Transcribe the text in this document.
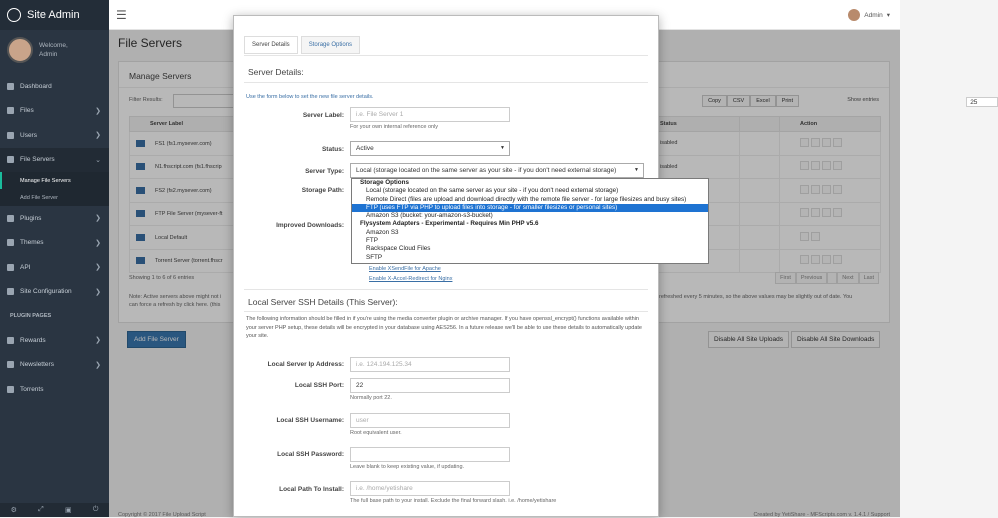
Site Admin
Welcome,
Admin
Dashboard
Files	❯
Users	❯
File Servers	⌄
Manage File Servers
Add File Server
Plugins	❯
Themes	❯
API	❯
Site Configuration	❯
PLUGIN PAGES
Rewards	❯
Newsletters	❯
Torrents
⚙	⤢	▣	⏻
☰	Admin ▾
File Servers
Manage Servers
Filter Results:	Copy	CSV	Excel	Print	Show	25
entries
Server Label	Status		Action
FS1 (fs1.mysever.com)	isabled		
N1.fhscript.com (fs1.fhscrip	isabled		
FS2 (fs2.mysever.com)			
FTP File Server (mysever-ft			
Local Default			
Torrent Server (torrent.fhscr			
Showing 1 to 6 of 6 entries	First	Previous	Next	Last
Note: Active servers above might not i	refreshed every 5 minutes, so the above values may be slightly out of date. You

can force a refresh by click here. (this
Add File Server	Disable All Site Uploads	Disable All Site Downloads
Copyright © 2017 File Upload Script	Created by YetiShare - MFScripts.com v. 1.4.1 / Support
Server Details	Storage Options
Server Details:
Use the form below to set the new file server details.
Server Label:	i.e. File Server 1
For your own internal reference only
Status:	Active	▼
Server Type:	Local (storage located on the same server as your site - if you don't need external storage)	▼
Storage Path:
Improved Downloads:
Storage Options
Local (storage located on the same server as your site - if you don't need external storage)
Remote Direct (files are upload and download directly with the remote file server - for large filesizes and busy sites)
FTP (uses FTP via PHP to upload files into storage - for smaller filesizes or personal sites)
Amazon S3 (bucket: your-amazon-s3-bucket)
Flysystem Adapters - Experimental - Requires Min PHP v5.6
Amazon S3
FTP
Rackspace Cloud Files
SFTP
Enable XSendFile for Apache
Enable X-Accel-Redirect for Nginx
Local Server SSH Details (This Server):
The following information should be filled in if you're using the media converter plugin or archive manager. If you have openssl_encrypt() functions available within your server PHP setup, these details will be encrypted in your database using AES256. In a future release we'll be able to use these details to automatically update your site.
Local Server Ip Address:	i.e. 124.194.125.34
Local SSH Port:	22
Normally port 22.
Local SSH Username:	user
Root equivalent user.
Local SSH Password:
Leave blank to keep existing value, if updating.
Local Path To Install:	i.e. /home/yetishare
The full base path to your install. Exclude the final forward slash. i.e. /home/yetishare
